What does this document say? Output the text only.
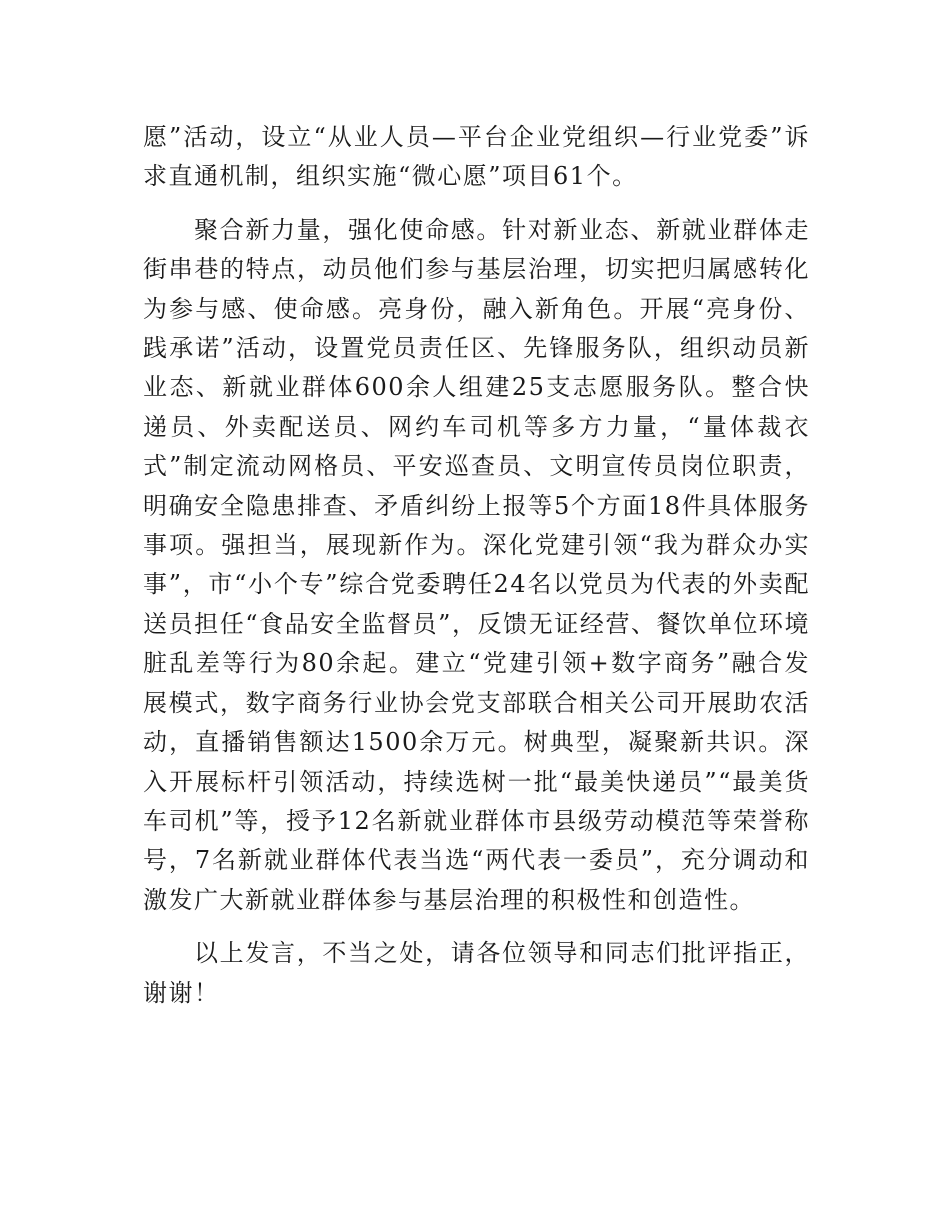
愿”活动，设立“从业人员—平台企业党组织—行业党委”诉求直通机制，组织实施“微心愿”项目61个。

聚合新力量，强化使命感。针对新业态、新就业群体走街串巷的特点，动员他们参与基层治理，切实把归属感转化为参与感、使命感。亮身份，融入新角色。开展“亮身份、践承诺”活动，设置党员责任区、先锋服务队，组织动员新业态、新就业群体600余人组建25支志愿服务队。整合快递员、外卖配送员、网约车司机等多方力量，“量体裁衣式”制定流动网格员、平安巡查员、文明宣传员岗位职责，明确安全隐患排查、矛盾纠纷上报等5个方面18件具体服务事项。强担当，展现新作为。深化党建引领“我为群众办实事”，市“小个专”综合党委聘任24名以党员为代表的外卖配送员担任“食品安全监督员”，反馈无证经营、餐饮单位环境脏乱差等行为80余起。建立“党建引领+数字商务”融合发展模式，数字商务行业协会党支部联合相关公司开展助农活动，直播销售额达1500余万元。树典型，凝聚新共识。深入开展标杆引领活动，持续选树一批“最美快递员”“最美货车司机”等，授予12名新就业群体市县级劳动模范等荣誉称号，7名新就业群体代表当选“两代表一委员”，充分调动和激发广大新就业群体参与基层治理的积极性和创造性。

以上发言，不当之处，请各位领导和同志们批评指正，谢谢！
